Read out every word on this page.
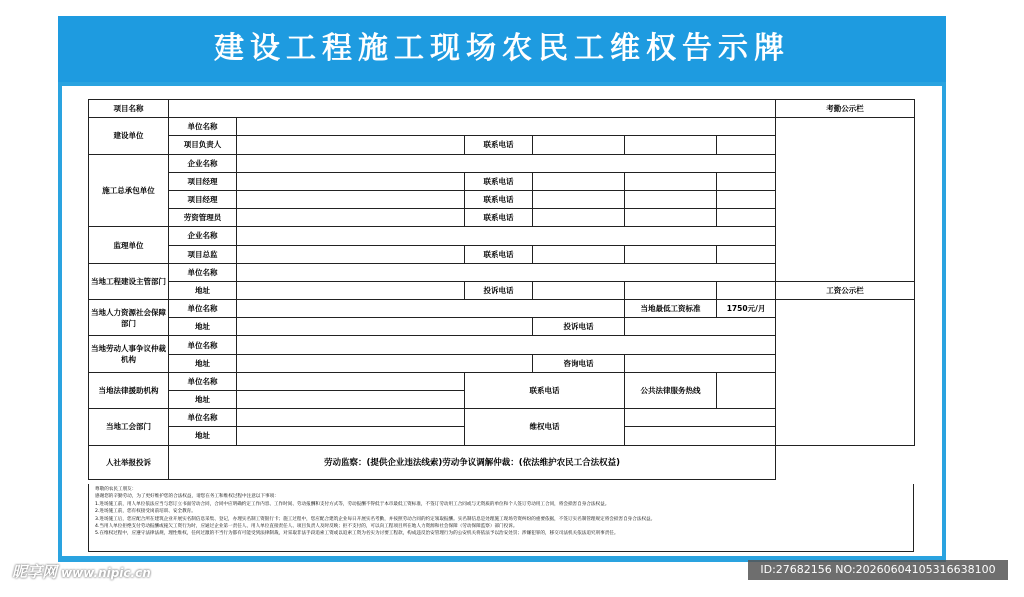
建设工程施工现场农民工维权告示牌
项目名称							考勤公示栏
建设单位	单位名称						
	项目负责人		联系电话				
施工总承包单位	企业名称						
	项目经理		联系电话				
	项目经理		联系电话				
	劳资管理员		联系电话				
监理单位	企业名称						
	项目总监		联系电话				
当地工程建设主管部门	单位名称						
	地址		投诉电话				工资公示栏
当地人力资源社会保障部门	单位名称				当地最低工资标准	1750元/月	
	地址			投诉电话			
当地劳动人事争议仲裁机构	单位名称						
	地址			咨询电话			
当地法律援助机构	单位名称		联系电话		公共法律服务热线		
	地址						
当地工会部门	单位名称		维权电话				
	地址						
人社举报投诉	劳动监察：(提供企业违法线索)劳动争议调解仲裁：(依法维护农民工合法权益)						
尊敬的农民工朋友：
感谢您的辛勤劳动，为了更好维护您的合法权益，请您在务工和维权过程中注意以下事项：
1.进场施工前，用人单位依法应当与您订立书面劳动合同，合同中应明确约定工作内容、工作时间、劳动报酬和支付方式等，劳动报酬不得低于本市最低工资标准，不签订劳动用工合同或与无资质的单位和个人签订劳动用工合同，将会损害自身合法权益。
2.进场施工前，您有权接受岗前培训、安全教育。
3.进场施工后，您应配合所在建筑企业开展实名制信息采集、登记，办理实名制工资银行卡；施工过程中，您应配合建筑企业每日开展实名考勤，并按照劳动合同的约定领取报酬。实名制信息是处理施工现场劳资纠纷的重要依据，不签订实名制管理规定将会损害自身合法权益。
4.当用人单位拒绝支付劳动报酬或拖欠工资行为时，应通过企业第一责任人、用人单位直接责任人、项目负责人及时反映；拒不支付的，可以向工程项目所在地人力资源和社会保障（劳动保障监察）部门投诉。
5.在维权过程中，应遵守法律法规，理性维权，任何过激的不当行为都有可能受到法律制裁，对采取非法手段追索工资或以追索工资为名实为讨要工程款，构成违反治安管理行为的公安机关将依法予以治安处罚；涉嫌犯罪的，移交司法机关依法追究刑事责任。
昵享网 www.nipic.cn	ID:27682156 NO:20260604105316638100
